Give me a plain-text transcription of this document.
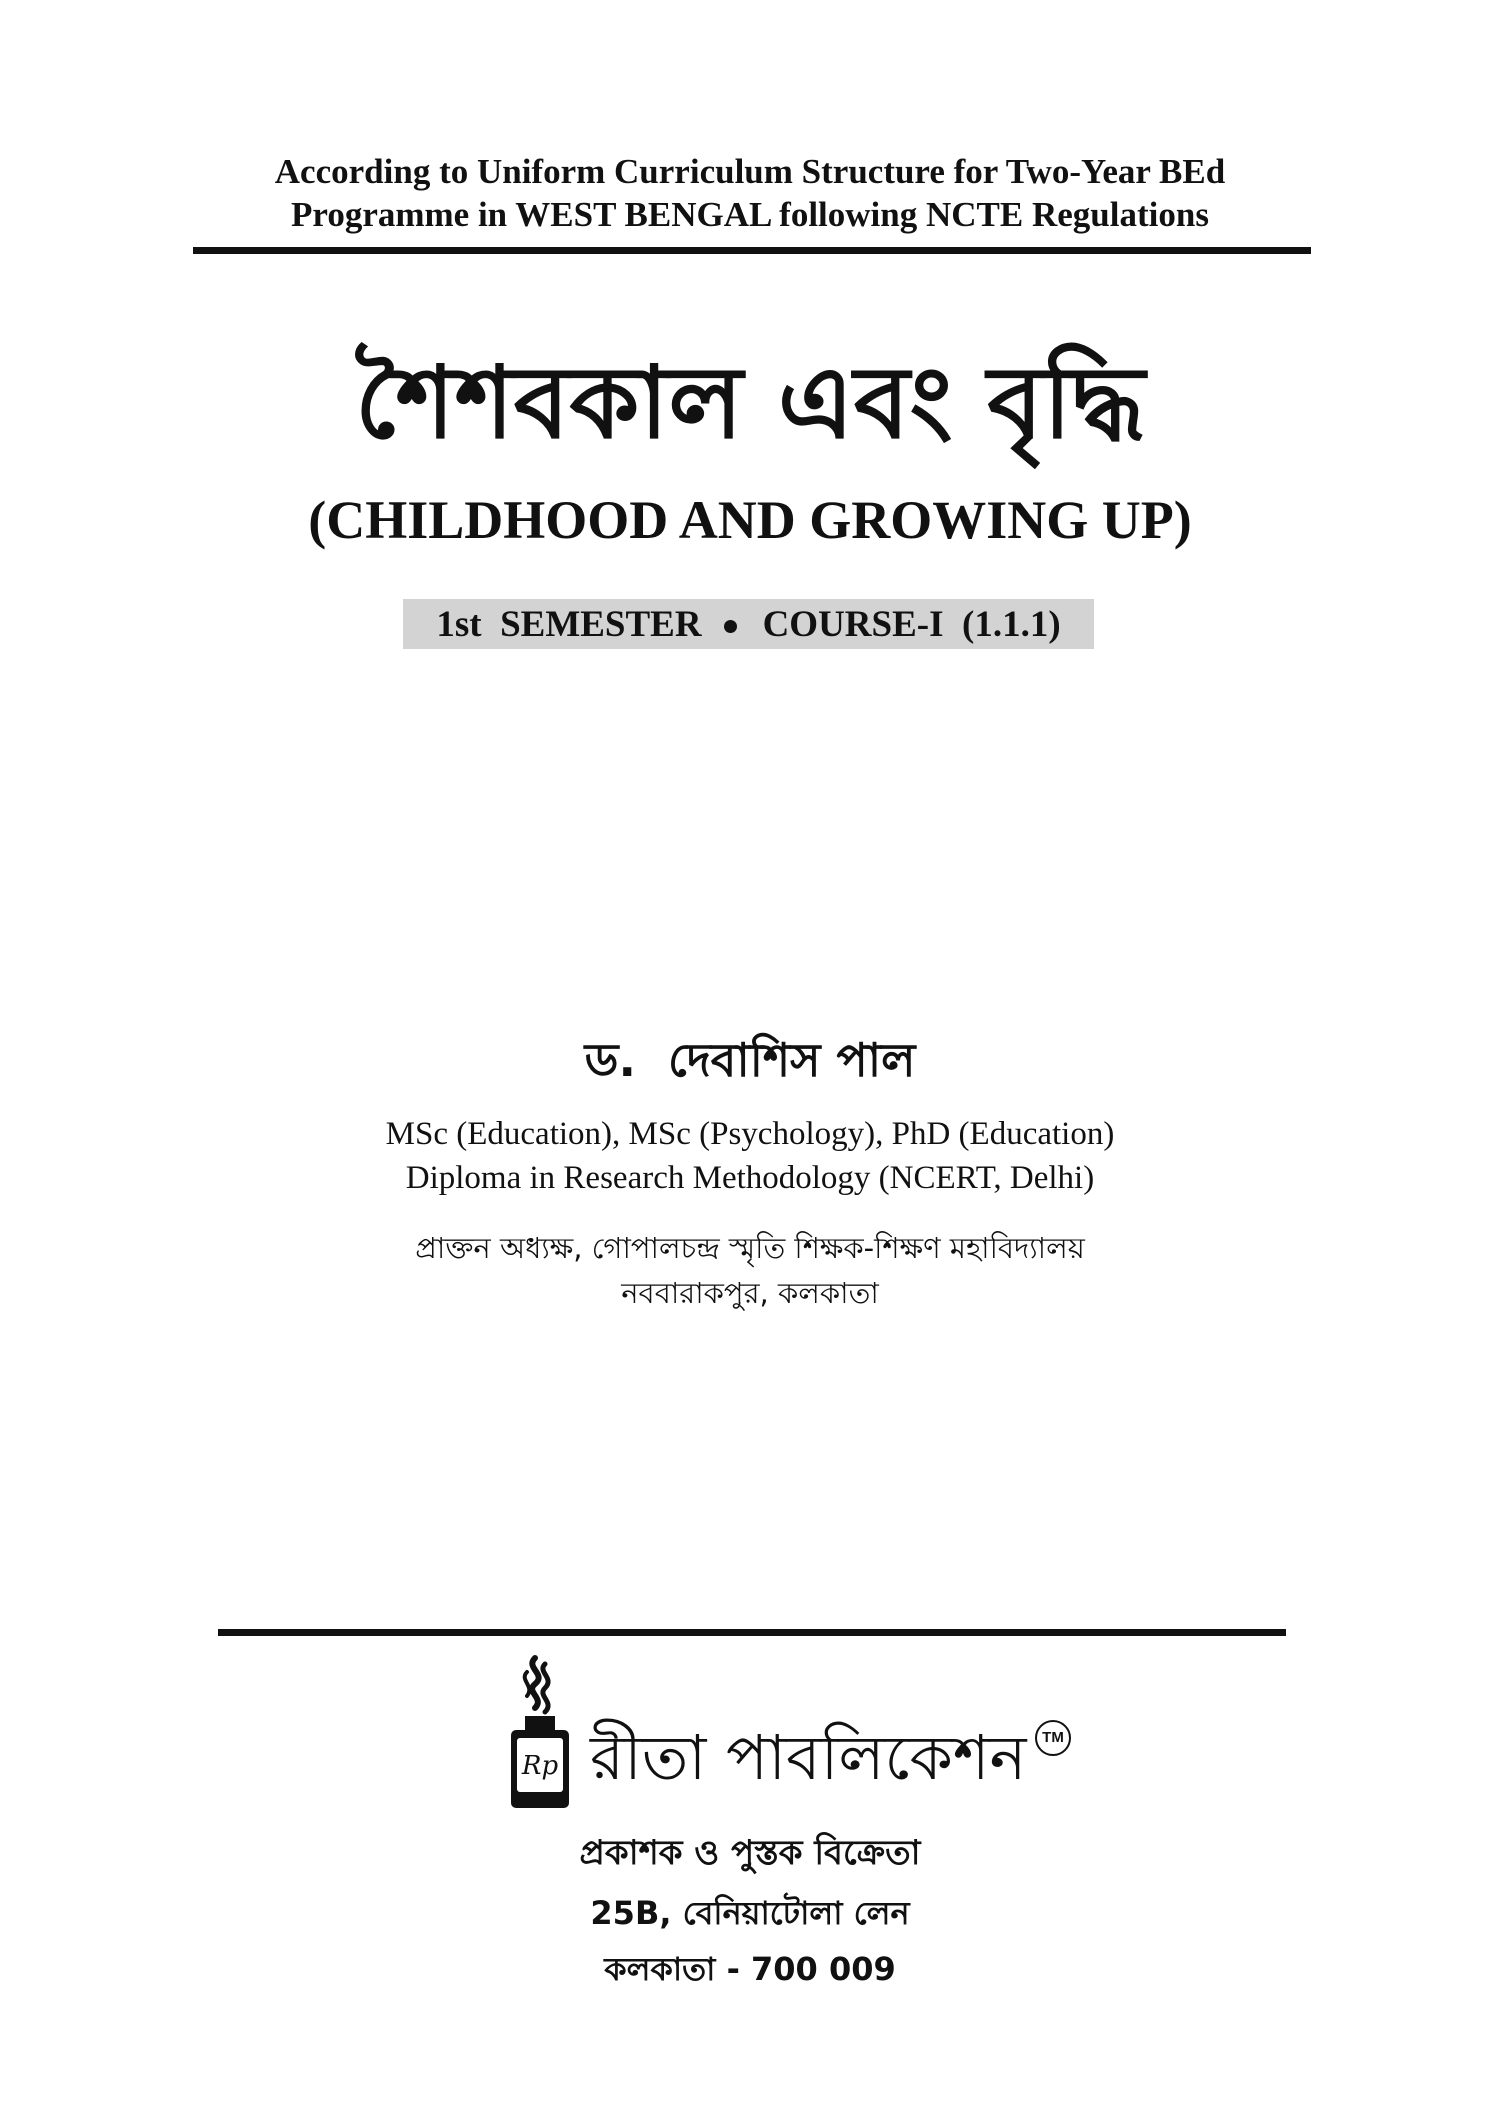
According to Uniform Curriculum Structure for Two-Year BEd
Programme in WEST BENGAL following NCTE Regulations
শৈশবকাল এবং বৃদ্ধি
(CHILDHOOD AND GROWING UP)
1st  SEMESTER COURSE-I  (1.1.1)
ড.  দেবাশিস পাল
MSc (Education), MSc (Psychology), PhD (Education)
Diploma in Research Methodology (NCERT, Delhi)
প্রাক্তন অধ্যক্ষ, গোপালচন্দ্র স্মৃতি শিক্ষক-শিক্ষণ মহাবিদ্যালয়
নববারাকপুর, কলকাতা
Rp রীতা পাবলিকেশন	TM
প্রকাশক ও পুস্তক বিক্রেতা
25B, বেনিয়াটোলা লেন
কলকাতা - 700 009
